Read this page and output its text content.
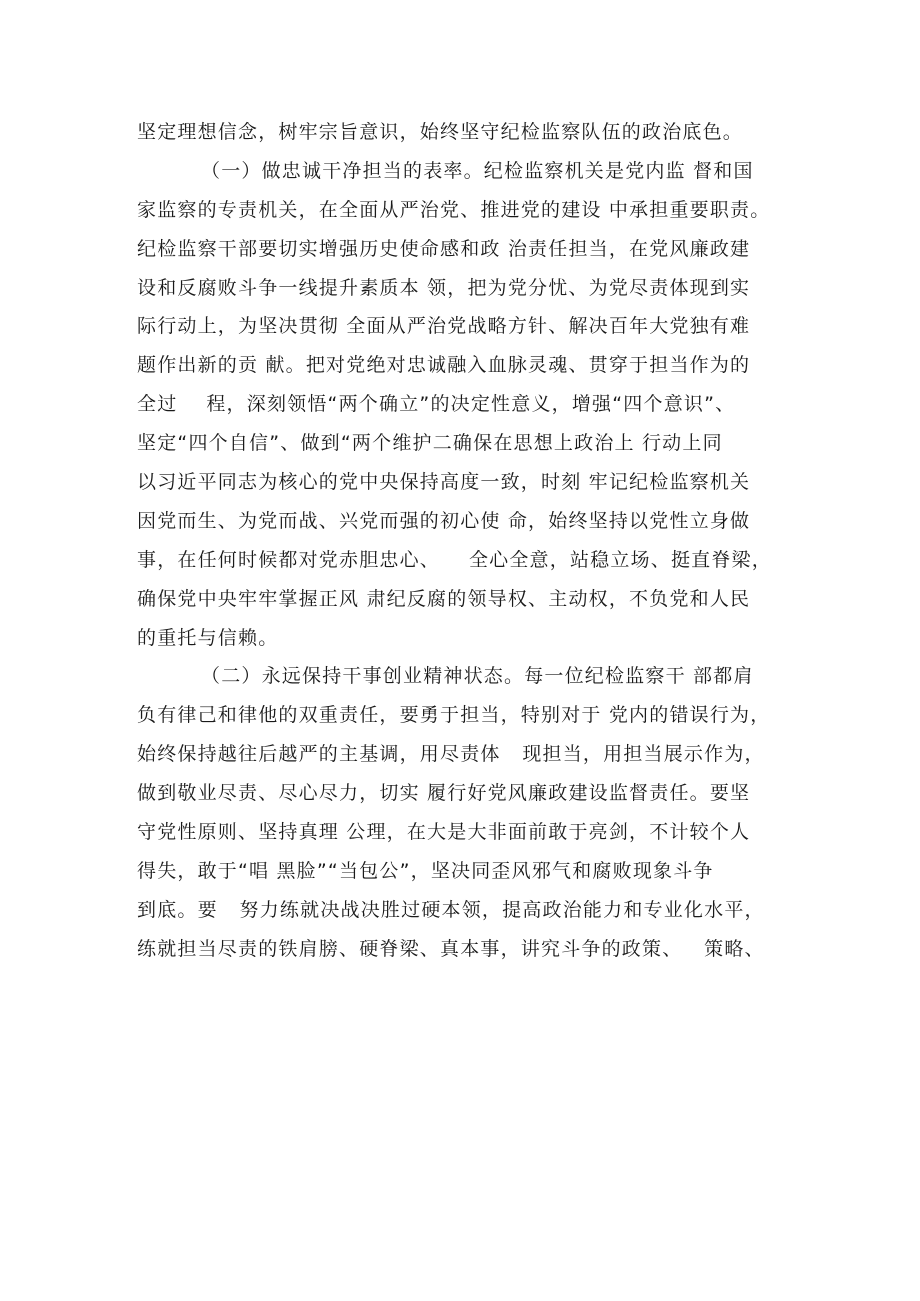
坚定理想信念，树牢宗旨意识，始终坚守纪检监察队伍的政治底色。
（一）做忠诚干净担当的表率。纪检监察机关是党内监 督和国
家监察的专责机关，在全面从严治党、推进党的建设 中承担重要职责。
纪检监察干部要切实增强历史使命感和政 治责任担当，在党风廉政建
设和反腐败斗争一线提升素质本 领，把为党分忧、为党尽责体现到实
际行动上，为坚决贯彻 全面从严治党战略方针、解决百年大党独有难
题作出新的贡 献。把对党绝对忠诚融入血脉灵魂、贯穿于担当作为的
全过    程，深刻领悟“两个确立”的决定性意义，增强“四个意识”、
坚定“四个自信”、做到“两个维护二确保在思想上政治上 行动上同
以习近平同志为核心的党中央保持高度一致，时刻 牢记纪检监察机关
因党而生、为党而战、兴党而强的初心使 命，始终坚持以党性立身做
事，在任何时候都对党赤胆忠心、    全心全意，站稳立场、挺直脊梁，
确保党中央牢牢掌握正风 肃纪反腐的领导权、主动权，不负党和人民
的重托与信赖。
（二）永远保持干事创业精神状态。每一位纪检监察干 部都肩
负有律己和律他的双重责任，要勇于担当，特别对于 党内的错误行为，
始终保持越往后越严的主基调，用尽责体   现担当，用担当展示作为，
做到敬业尽责、尽心尽力，切实 履行好党风廉政建设监督责任。要坚
守党性原则、坚持真理 公理，在大是大非面前敢于亮剑，不计较个人
得失，敢于“唱 黑脸”“当包公”，坚决同歪风邪气和腐败现象斗争
到底。要   努力练就决战决胜过硬本领，提高政治能力和专业化水平，
练就担当尽责的铁肩膀、硬脊梁、真本事，讲究斗争的政策、   策略、
